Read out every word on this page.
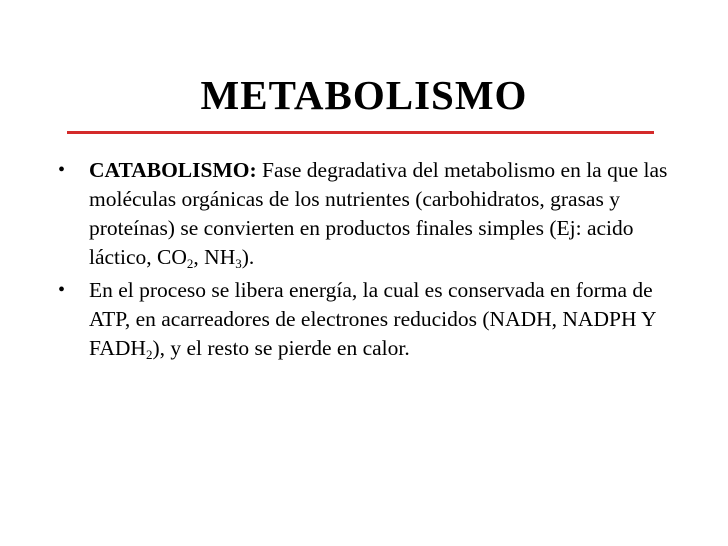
METABOLISMO
•	CATABOLISMO: Fase degradativa del metabolismo en la que las moléculas orgánicas de los nutrientes (carbohidratos, grasas y proteínas) se convierten en productos finales simples (Ej: acido láctico, $CO_2$, $NH_3$).
•	En el proceso se libera energía, la cual es conservada en forma de ATP, en acarreadores de electrones reducidos (NADH, NADPH Y $FADH_2$), y el resto se pierde en calor.
